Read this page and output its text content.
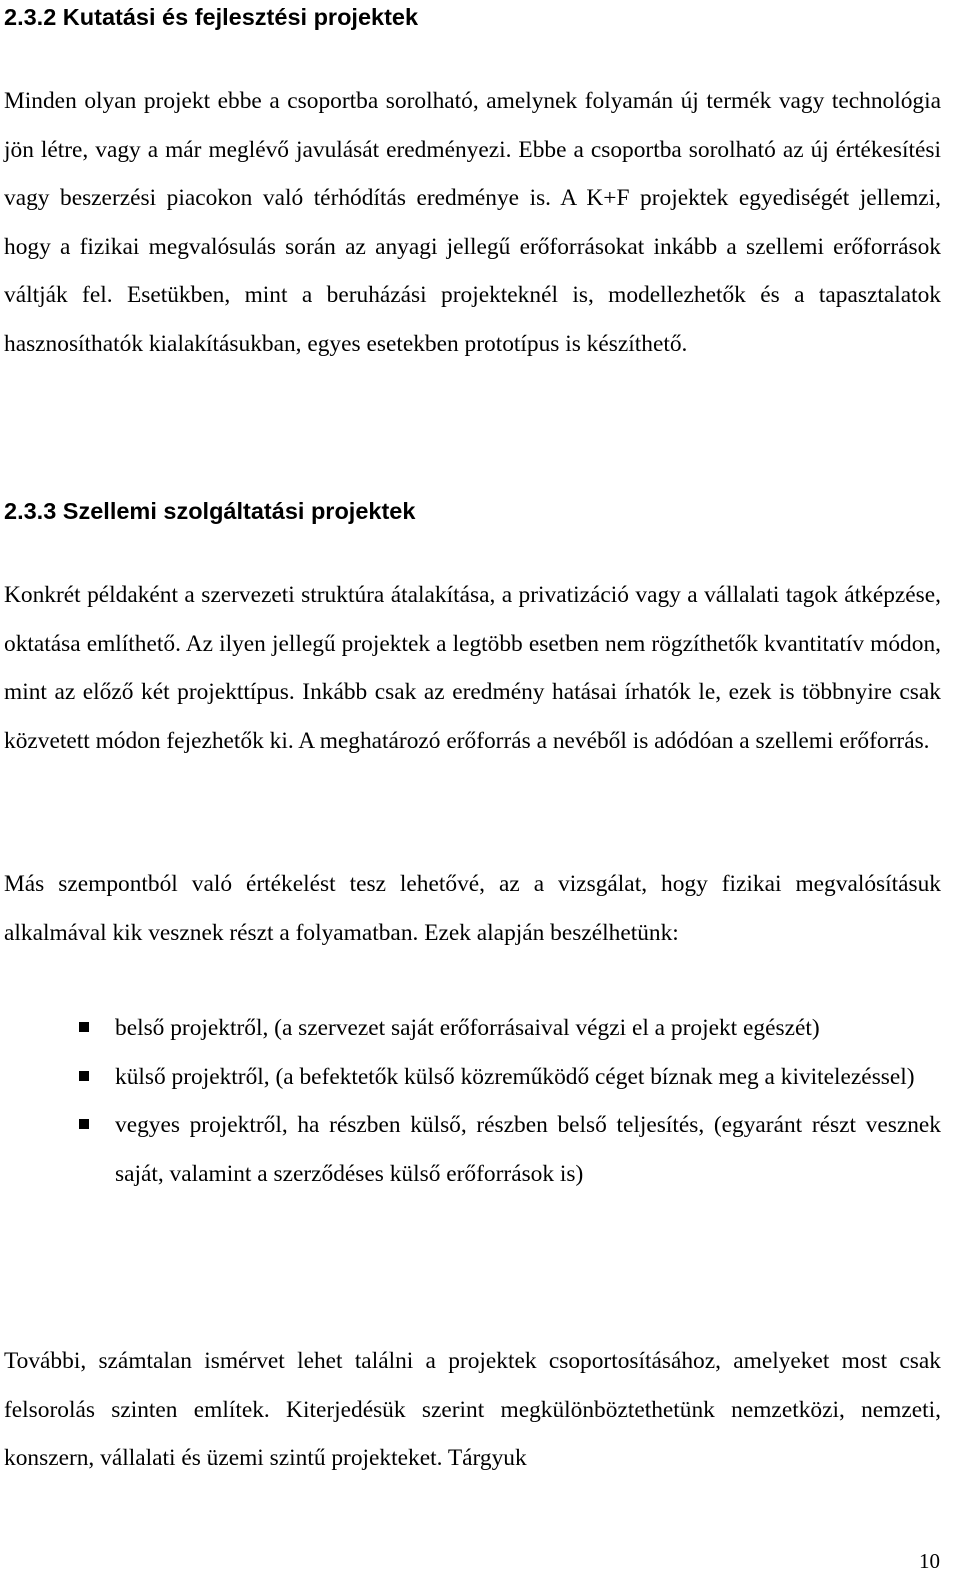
2.3.2 Kutatási és fejlesztési projektek

Minden olyan projekt ebbe a csoportba sorolható, amelynek folyamán új termék vagy technológia jön létre, vagy a már meglévő javulását eredményezi. Ebbe a csoportba sorolható az új értékesítési vagy beszerzési piacokon való térhódítás eredménye is. A K+F projektek egyediségét jellemzi, hogy a fizikai megvalósulás során az anyagi jellegű erőforrásokat inkább a szellemi erőforrások váltják fel. Esetükben, mint a beruházási projekteknél is, modellezhetők és a tapasztalatok hasznosíthatók kialakításukban, egyes esetekben prototípus is készíthető.

2.3.3 Szellemi szolgáltatási projektek

Konkrét példaként a szervezeti struktúra átalakítása, a privatizáció vagy a vállalati tagok átképzése, oktatása említhető. Az ilyen jellegű projektek a legtöbb esetben nem rögzíthetők kvantitatív módon, mint az előző két projekttípus. Inkább csak az eredmény hatásai írhatók le, ezek is többnyire csak közvetett módon fejezhetők ki. A meghatározó erőforrás a nevéből is adódóan a szellemi erőforrás.

Más szempontból való értékelést tesz lehetővé, az a vizsgálat, hogy fizikai megvalósításuk alkalmával kik vesznek részt a folyamatban. Ezek alapján beszélhetünk:

belső projektről, (a szervezet saját erőforrásaival végzi el a projekt egészét)
külső projektről, (a befektetők külső közreműködő céget bíznak meg a kivitelezéssel)
vegyes projektről, ha részben külső, részben belső teljesítés, (egyaránt részt vesznek saját, valamint a szerződéses külső erőforrások is)

További, számtalan ismérvet lehet találni a projektek csoportosításához, amelyeket most csak felsorolás szinten említek. Kiterjedésük szerint megkülönböztethetünk nemzetközi, nemzeti, konszern, vállalati és üzemi szintű projekteket. Tárgyuk

10
